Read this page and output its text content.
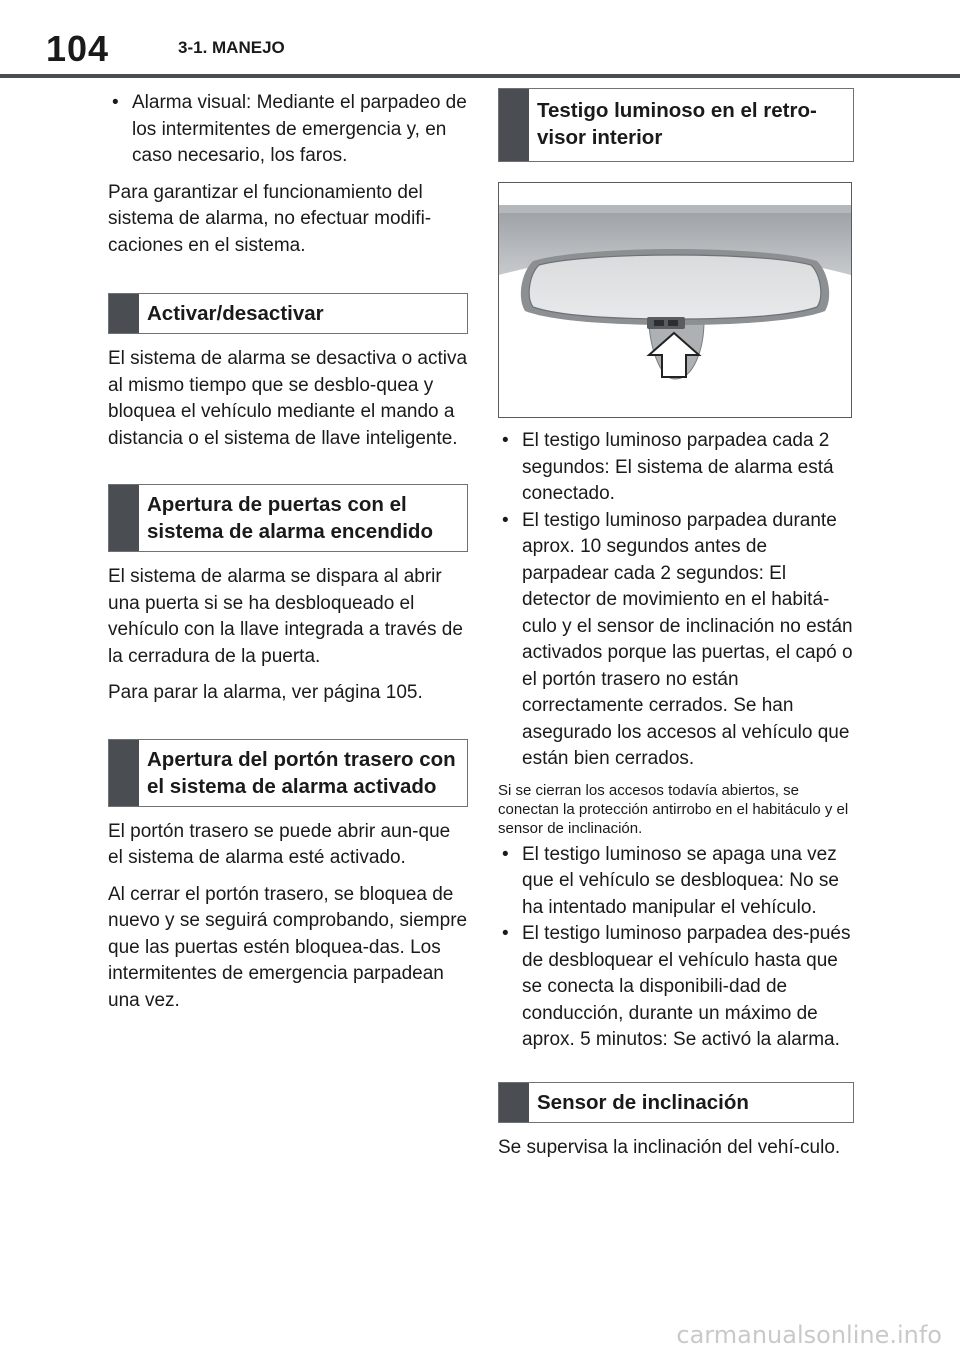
104	3-1. MANEJO

• Alarma visual: Mediante el parpadeo de los intermitentes de emergencia y, en caso necesario, los faros.

Para garantizar el funcionamiento del sistema de alarma, no efectuar modifi-caciones en el sistema.

Activar/desactivar

El sistema de alarma se desactiva o activa al mismo tiempo que se desblo-quea y bloquea el vehículo mediante el mando a distancia o el sistema de llave inteligente.

Apertura de puertas con el sistema de alarma encendido

El sistema de alarma se dispara al abrir una puerta si se ha desbloqueado el vehículo con la llave integrada a través de la cerradura de la puerta.

Para parar la alarma, ver página 105.

Apertura del portón trasero con el sistema de alarma activado

El portón trasero se puede abrir aun-que el sistema de alarma esté activado.

Al cerrar el portón trasero, se bloquea de nuevo y se seguirá comprobando, siempre que las puertas estén bloquea-das. Los intermitentes de emergencia parpadean una vez.

Testigo luminoso en el retro-visor interior

• El testigo luminoso parpadea cada 2 segundos: El sistema de alarma está conectado.

• El testigo luminoso parpadea durante aprox. 10 segundos antes de parpadear cada 2 segundos: El detector de movimiento en el habitá-culo y el sensor de inclinación no están activados porque las puertas, el capó o el portón trasero no están correctamente cerrados. Se han asegurado los accesos al vehículo que están bien cerrados.

Si se cierran los accesos todavía abiertos, se conectan la protección antirrobo en el habitáculo y el sensor de inclinación.

• El testigo luminoso se apaga una vez que el vehículo se desbloquea: No se ha intentado manipular el vehículo.

• El testigo luminoso parpadea des-pués de desbloquear el vehículo hasta que se conecta la disponibili-dad de conducción, durante un máximo de aprox. 5 minutos: Se activó la alarma.

Sensor de inclinación

Se supervisa la inclinación del vehí-culo.

carmanualsonline.info
